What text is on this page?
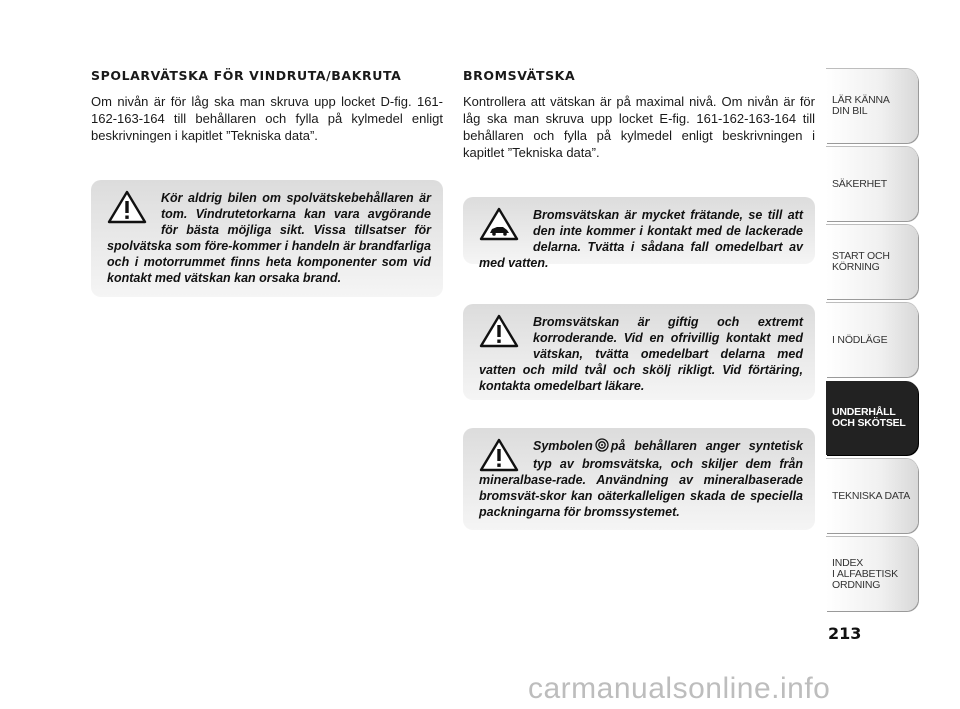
SPOLARVÄTSKA FÖR VINDRUTA/BAKRUTA

Om nivån är för låg ska man skruva upp locket D-fig. 161-162-163-164 till behållaren och fylla på kylmedel enligt beskrivningen i kapitlet ”Tekniska data”.

Kör aldrig bilen om spolvätskebehållaren är tom. Vindrutetorkarna kan vara avgörande för bästa möjliga sikt. Vissa tillsatser för spolvätska som före-kommer i handeln är brandfarliga och i motorrummet finns heta komponenter som vid kontakt med vätskan kan orsaka brand.
BROMSVÄTSKA

Kontrollera att vätskan är på maximal nivå. Om nivån är för låg ska man skruva upp locket E-fig. 161-162-163-164 till behållaren och fylla på kylmedel enligt beskrivningen i kapitlet ”Tekniska data”.

Bromsvätskan är mycket frätande, se till att den inte kommer i kontakt med de lackerade delarna. Tvätta i sådana fall omedelbart av med vatten.
Bromsvätskan är giftig och extremt korroderande. Vid en ofrivillig kontakt med vätskan, tvätta omedelbart delarna med vatten och mild tvål och skölj rikligt. Vid förtäring, kontakta omedelbart läkare.
Symbolen på behållaren anger syntetisk typ av bromsvätska, och skiljer dem från mineralbase-rade. Användning av mineralbaserade bromsvät-skor kan oäterkalleligen skada de speciella packningarna för bromssystemet.
LÄR KÄNNA
DIN BIL
SÄKERHET
START OCH
KÖRNING
I NÖDLÄGE
UNDERHÅLL
OCH SKÖTSEL
TEKNISKA DATA
INDEX
I ALFABETISK
ORDNING
213
carmanualsonline.info
